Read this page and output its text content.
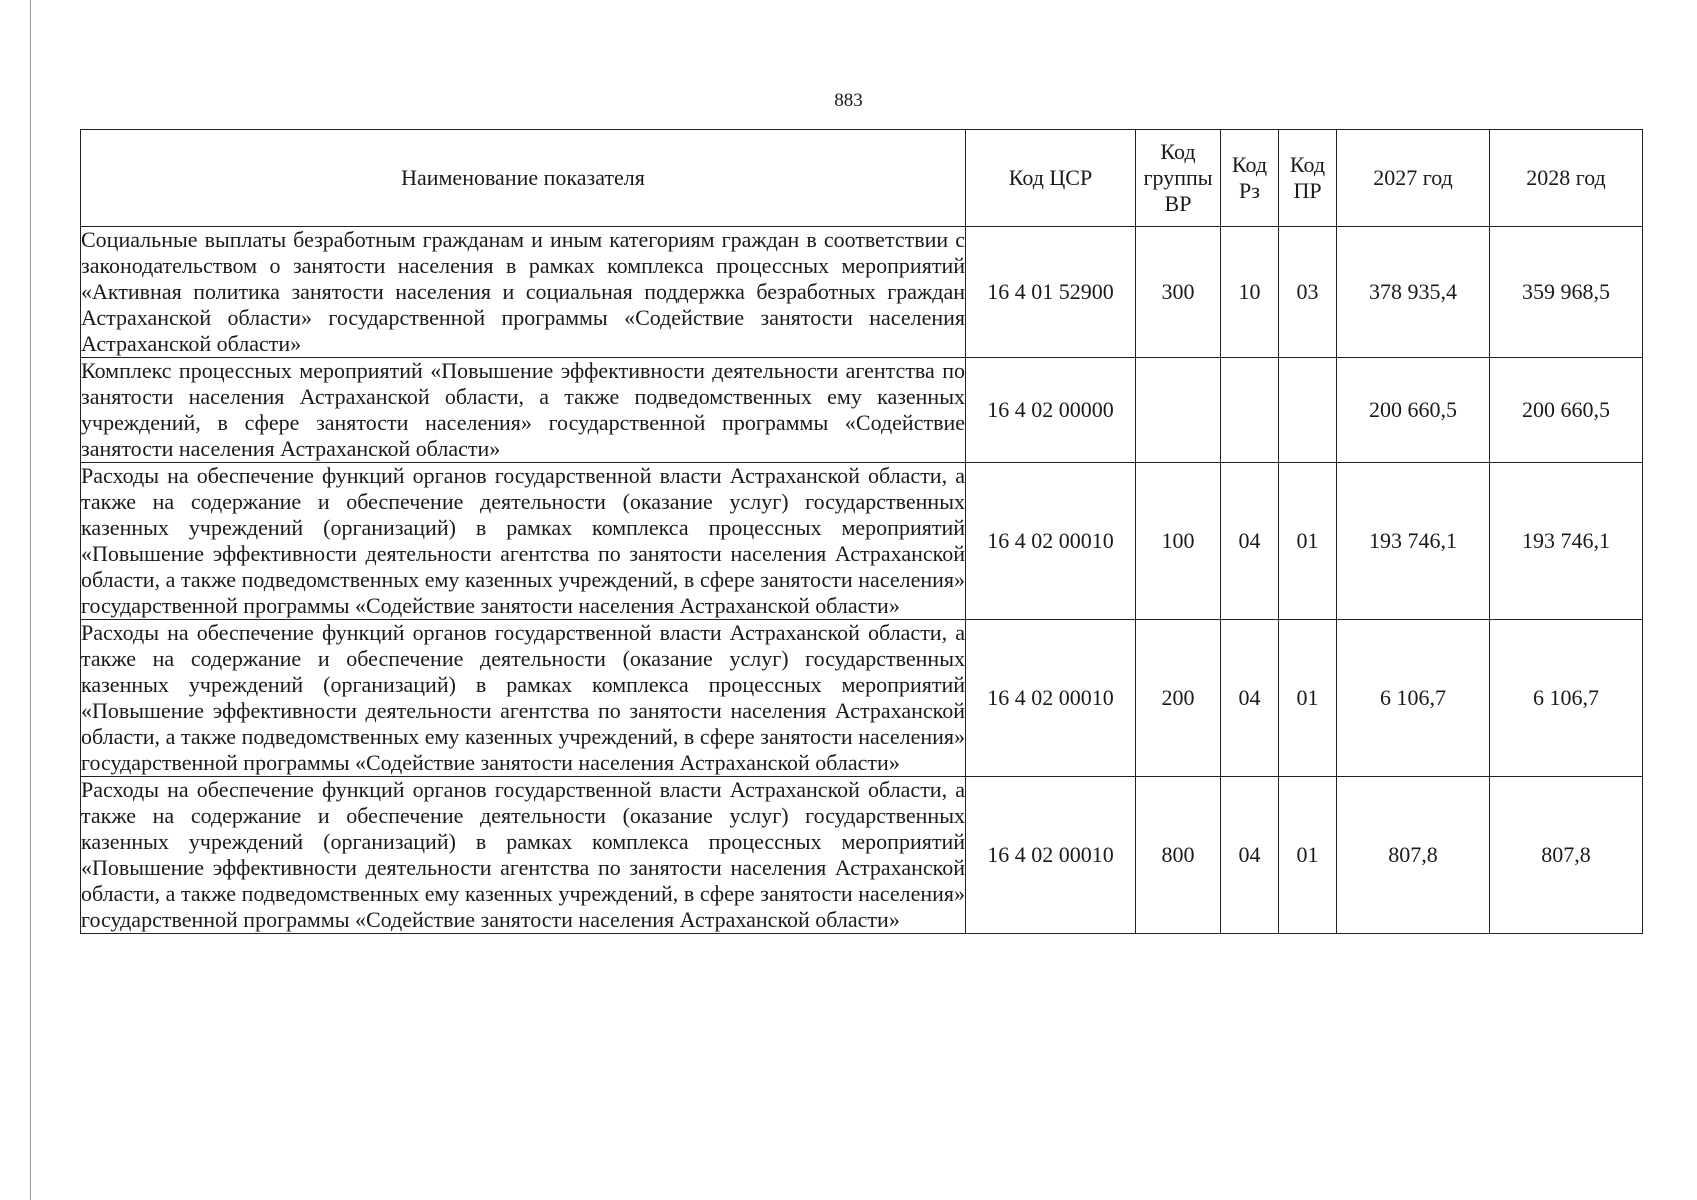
883
Наименование показателя	Код ЦСР	Код группы ВР	Код Рз	Код ПР	2027 год	2028 год
Социальные выплаты безработным гражданам и иным категориям граждан в соответствии с законодательством о занятости населения в рамках комплекса процессных мероприятий «Активная политика занятости населения и социальная поддержка безработных граждан Астраханской области» государственной программы «Содействие занятости населения Астраханской области»	16 4 01 52900	300	10	03	378 935,4	359 968,5
Комплекс процессных мероприятий «Повышение эффективности деятельности агентства по занятости населения Астраханской области, а также подведомственных ему казенных учреждений, в сфере занятости населения» государственной программы «Содействие занятости населения Астраханской области»	16 4 02 00000				200 660,5	200 660,5
Расходы на обеспечение функций органов государственной власти Астраханской области, а также на содержание и обеспечение деятельности (оказание услуг) государственных казенных учреждений (организаций) в рамках комплекса процессных мероприятий «Повышение эффективности деятельности агентства по занятости населения Астраханской области, а также подведомственных ему казенных учреждений, в сфере занятости населения» государственной программы «Содействие занятости населения Астраханской области»	16 4 02 00010	100	04	01	193 746,1	193 746,1
Расходы на обеспечение функций органов государственной власти Астраханской области, а также на содержание и обеспечение деятельности (оказание услуг) государственных казенных учреждений (организаций) в рамках комплекса процессных мероприятий «Повышение эффективности деятельности агентства по занятости населения Астраханской области, а также подведомственных ему казенных учреждений, в сфере занятости населения» государственной программы «Содействие занятости населения Астраханской области»	16 4 02 00010	200	04	01	6 106,7	6 106,7
Расходы на обеспечение функций органов государственной власти Астраханской области, а также на содержание и обеспечение деятельности (оказание услуг) государственных казенных учреждений (организаций) в рамках комплекса процессных мероприятий «Повышение эффективности деятельности агентства по занятости населения Астраханской области, а также подведомственных ему казенных учреждений, в сфере занятости населения» государственной программы «Содействие занятости населения Астраханской области»	16 4 02 00010	800	04	01	807,8	807,8
